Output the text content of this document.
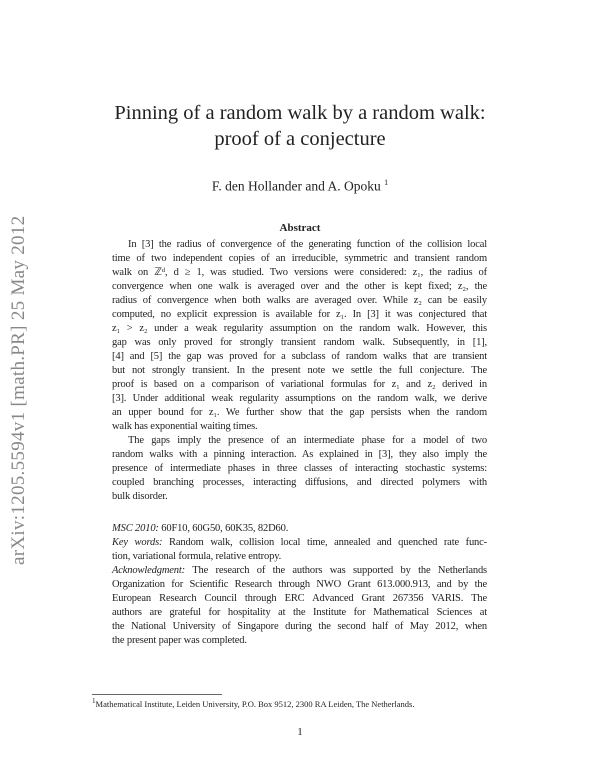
arXiv:1205.5594v1 [math.PR] 25 May 2012
Pinning of a random walk by a random walk:
proof of a conjecture
F. den Hollander and A. Opoku $^1$
Abstract
In [3] the radius of convergence of the generating function of the collision local
time of two independent copies of an irreducible, symmetric and transient random
walk on ℤᵈ, d ≥ 1, was studied. Two versions were considered: z₁, the radius of
convergence when one walk is averaged over and the other is kept fixed; z₂, the
radius of convergence when both walks are averaged over. While z₂ can be easily
computed, no explicit expression is available for z₁. In [3] it was conjectured that
z₁ > z₂ under a weak regularity assumption on the random walk. However, this
gap was only proved for strongly transient random walk. Subsequently, in [1],
[4] and [5] the gap was proved for a subclass of random walks that are transient
but not strongly transient. In the present note we settle the full conjecture. The
proof is based on a comparison of variational formulas for z₁ and z₂ derived in
[3]. Under additional weak regularity assumptions on the random walk, we derive
an upper bound for z₁. We further show that the gap persists when the random
walk has exponential waiting times.
The gaps imply the presence of an intermediate phase for a model of two
random walks with a pinning interaction. As explained in [3], they also imply the
presence of intermediate phases in three classes of interacting stochastic systems:
coupled branching processes, interacting diffusions, and directed polymers with
bulk disorder.
MSC 2010: 60F10, 60G50, 60K35, 82D60.
Key words: Random walk, collision local time, annealed and quenched rate func-
tion, variational formula, relative entropy.
Acknowledgment: The research of the authors was supported by the Netherlands
Organization for Scientific Research through NWO Grant 613.000.913, and by the
European Research Council through ERC Advanced Grant 267356 VARIS. The
authors are grateful for hospitality at the Institute for Mathematical Sciences at
the National University of Singapore during the second half of May 2012, when
the present paper was completed.
$^1$Mathematical Institute, Leiden University, P.O. Box 9512, 2300 RA Leiden, The Netherlands.
1
